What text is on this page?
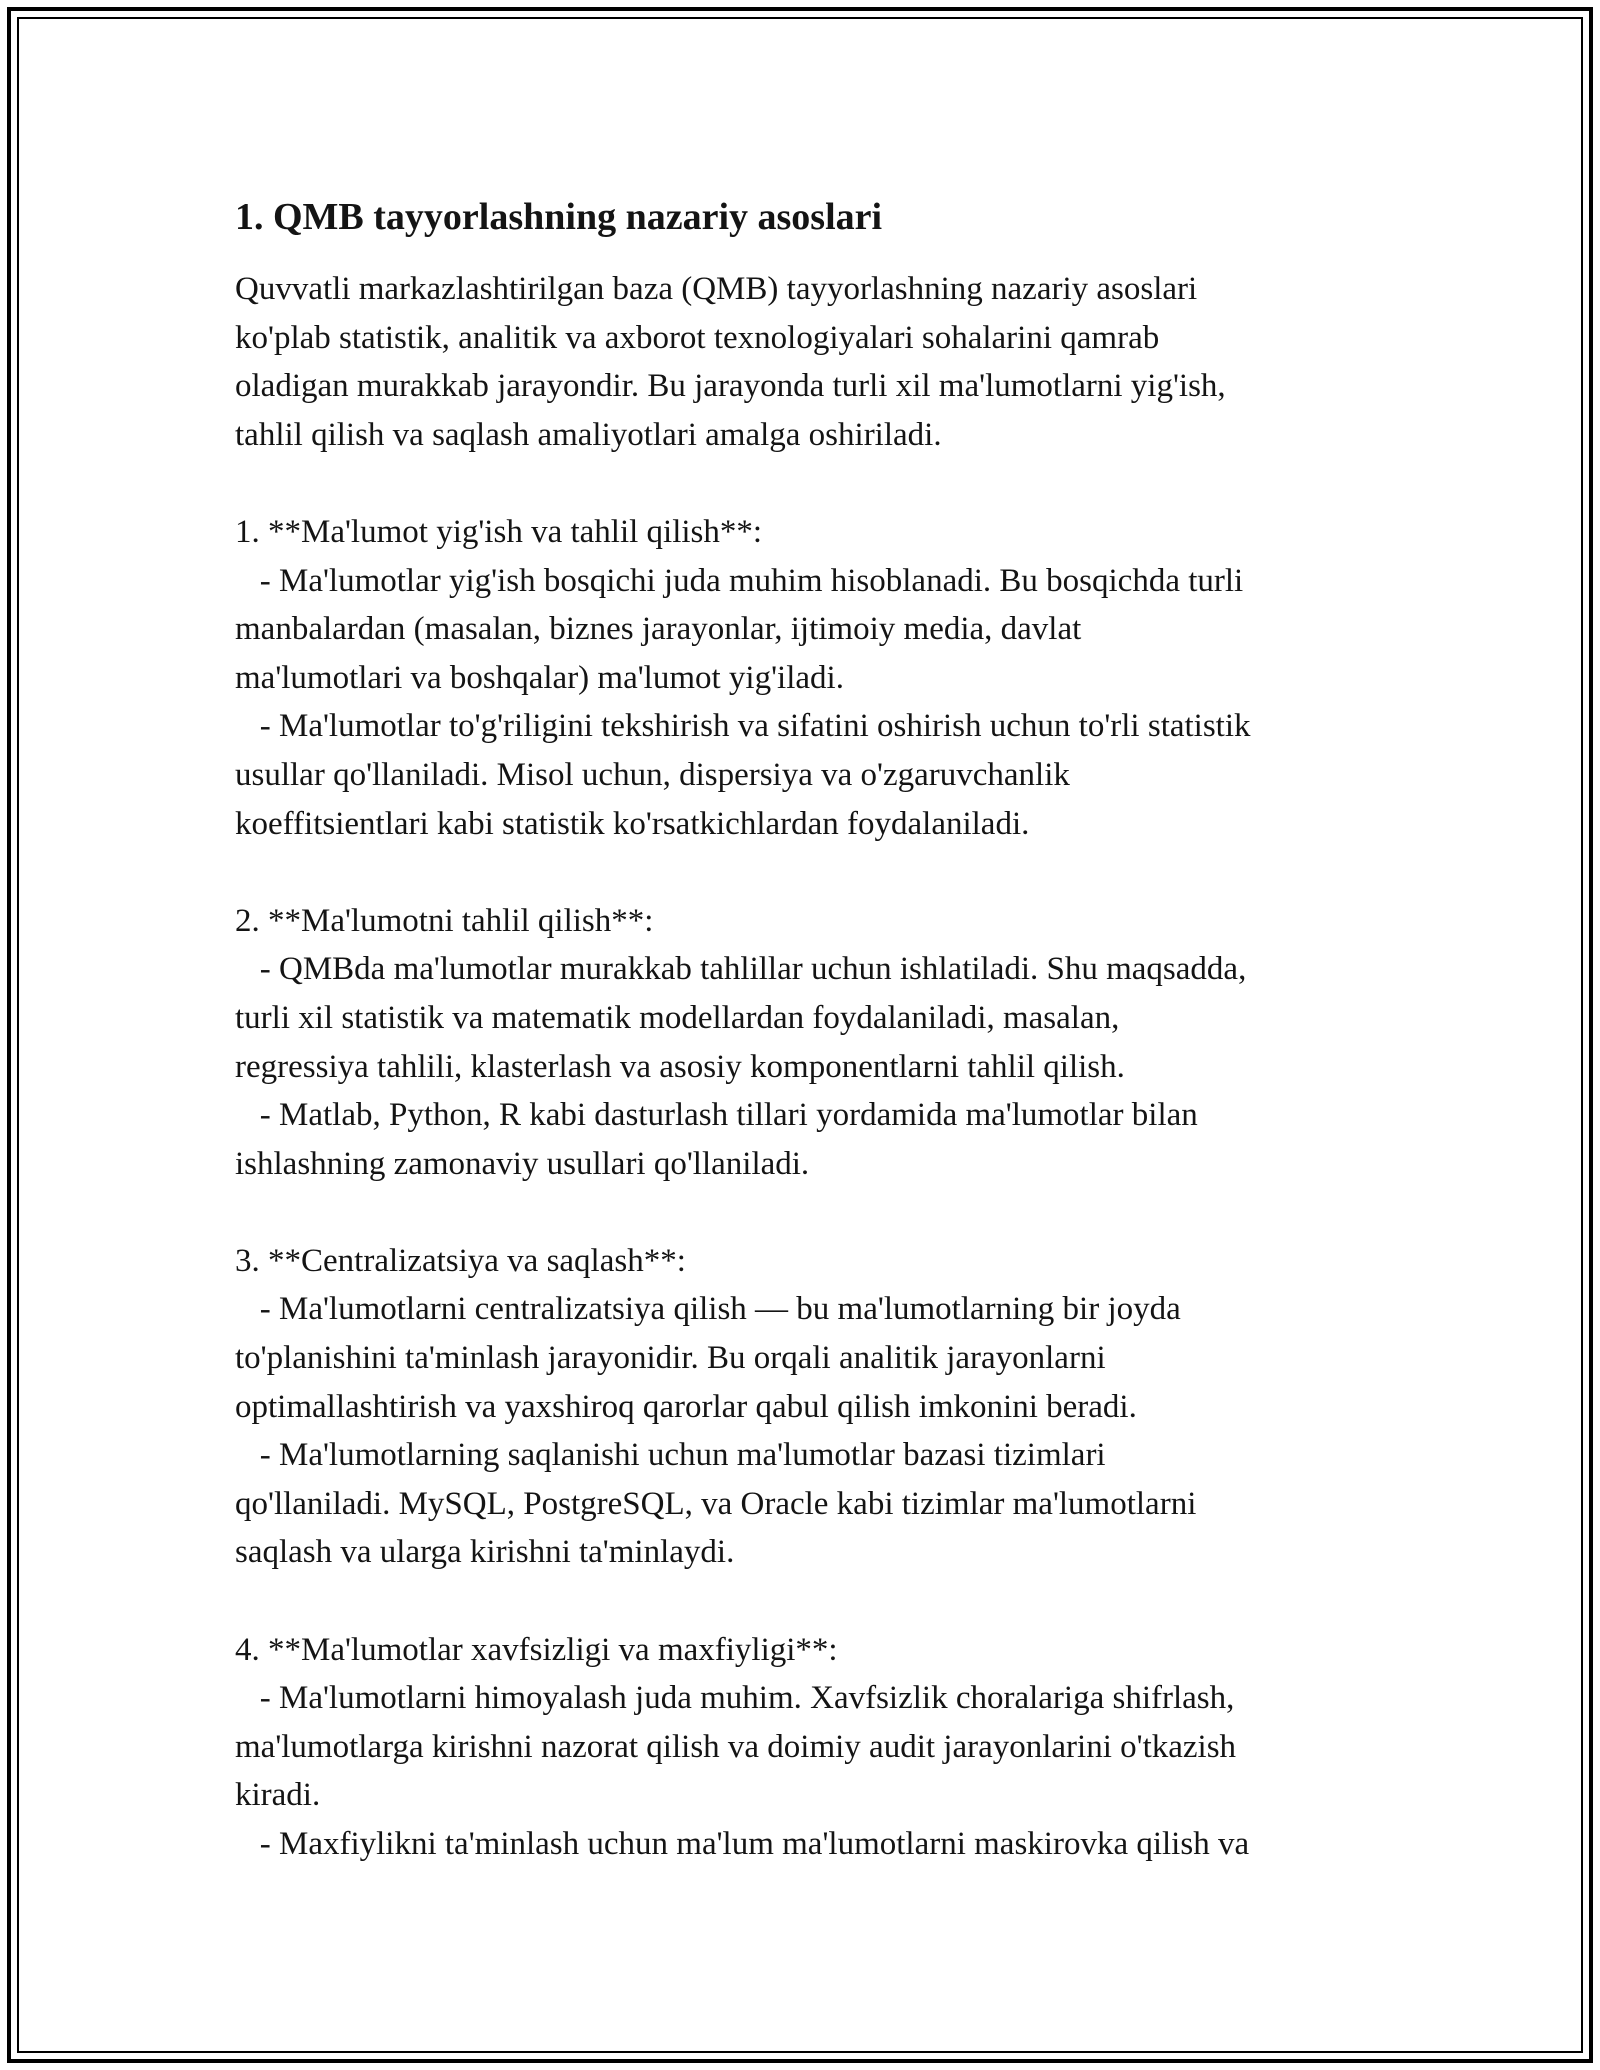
1. QMB tayyorlashning nazariy asoslari
Quvvatli markazlashtirilgan baza (QMB) tayyorlashning nazariy asoslari
ko'plab statistik, analitik va axborot texnologiyalari sohalarini qamrab
oladigan murakkab jarayondir. Bu jarayonda turli xil ma'lumotlarni yig'ish,
tahlil qilish va saqlash amaliyotlari amalga oshiriladi.
1. **Ma'lumot yig'ish va tahlil qilish**:
- Ma'lumotlar yig'ish bosqichi juda muhim hisoblanadi. Bu bosqichda turli
manbalardan (masalan, biznes jarayonlar, ijtimoiy media, davlat
ma'lumotlari va boshqalar) ma'lumot yig'iladi.
- Ma'lumotlar to'g'riligini tekshirish va sifatini oshirish uchun to'rli statistik
usullar qo'llaniladi. Misol uchun, dispersiya va o'zgaruvchanlik
koeffitsientlari kabi statistik ko'rsatkichlardan foydalaniladi.
2. **Ma'lumotni tahlil qilish**:
- QMBda ma'lumotlar murakkab tahlillar uchun ishlatiladi. Shu maqsadda,
turli xil statistik va matematik modellardan foydalaniladi, masalan,
regressiya tahlili, klasterlash va asosiy komponentlarni tahlil qilish.
- Matlab, Python, R kabi dasturlash tillari yordamida ma'lumotlar bilan
ishlashning zamonaviy usullari qo'llaniladi.
3. **Centralizatsiya va saqlash**:
- Ma'lumotlarni centralizatsiya qilish — bu ma'lumotlarning bir joyda
to'planishini ta'minlash jarayonidir. Bu orqali analitik jarayonlarni
optimallashtirish va yaxshiroq qarorlar qabul qilish imkonini beradi.
- Ma'lumotlarning saqlanishi uchun ma'lumotlar bazasi tizimlari
qo'llaniladi. MySQL, PostgreSQL, va Oracle kabi tizimlar ma'lumotlarni
saqlash va ularga kirishni ta'minlaydi.
4. **Ma'lumotlar xavfsizligi va maxfiyligi**:
- Ma'lumotlarni himoyalash juda muhim. Xavfsizlik choralariga shifrlash,
ma'lumotlarga kirishni nazorat qilish va doimiy audit jarayonlarini o'tkazish
kiradi.
- Maxfiylikni ta'minlash uchun ma'lum ma'lumotlarni maskirovka qilish va
